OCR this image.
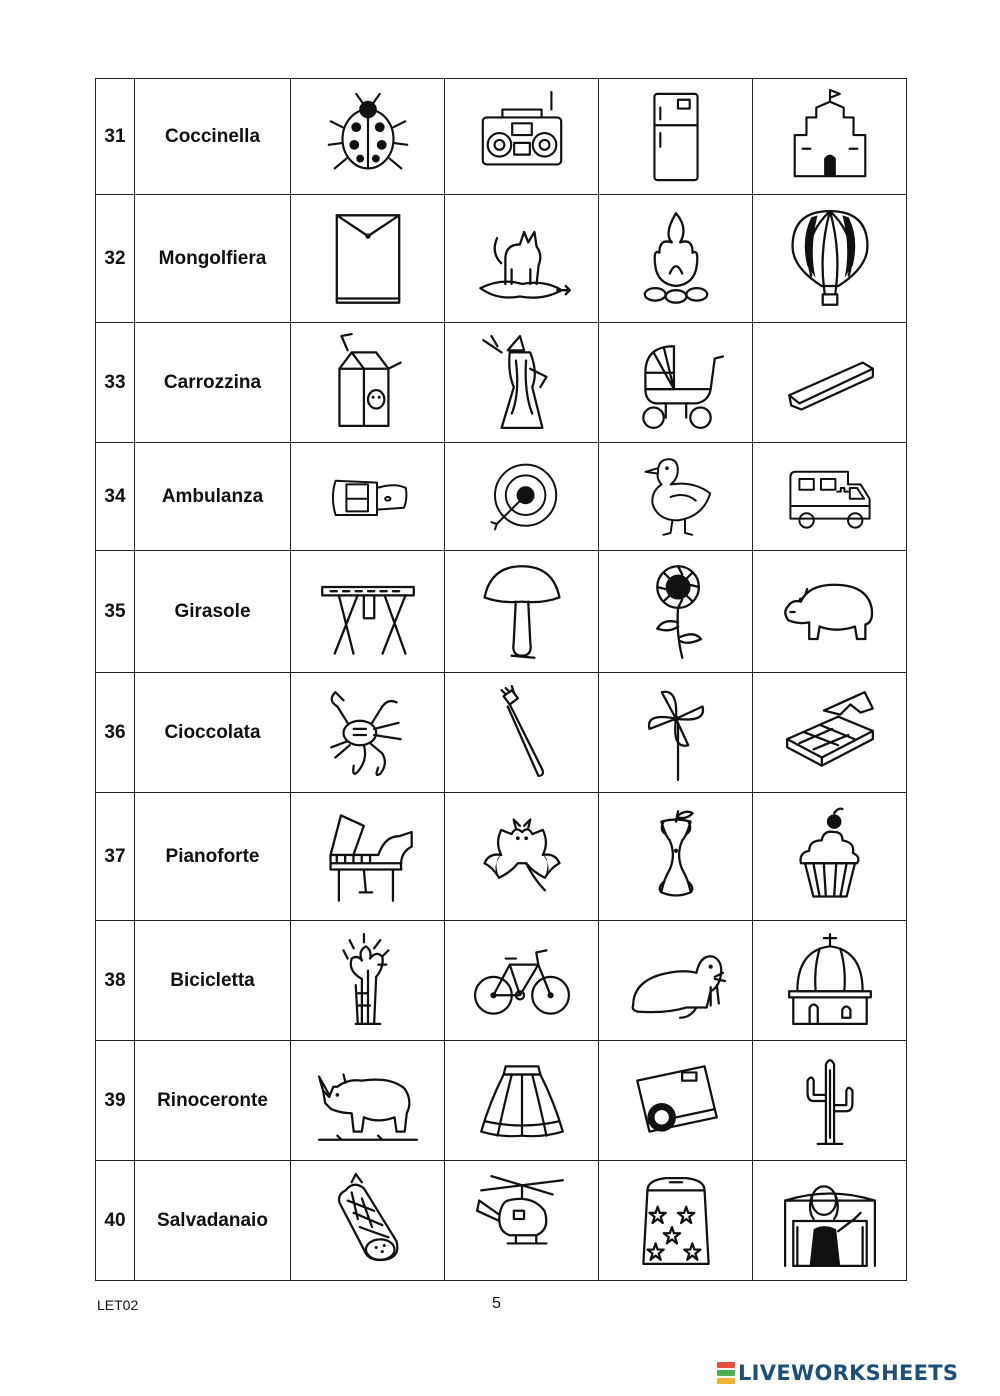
31	Coccinella	

32	Mongolfiera	

33	Carrozzina	

34	Ambulanza	

35	Girasole	

36	Cioccolata	

37	Pianoforte	

38	Bicicletta	

39	Rinoceronte	

40	Salvadanaio	

LET02	5
LIVEWORKSHEETS
